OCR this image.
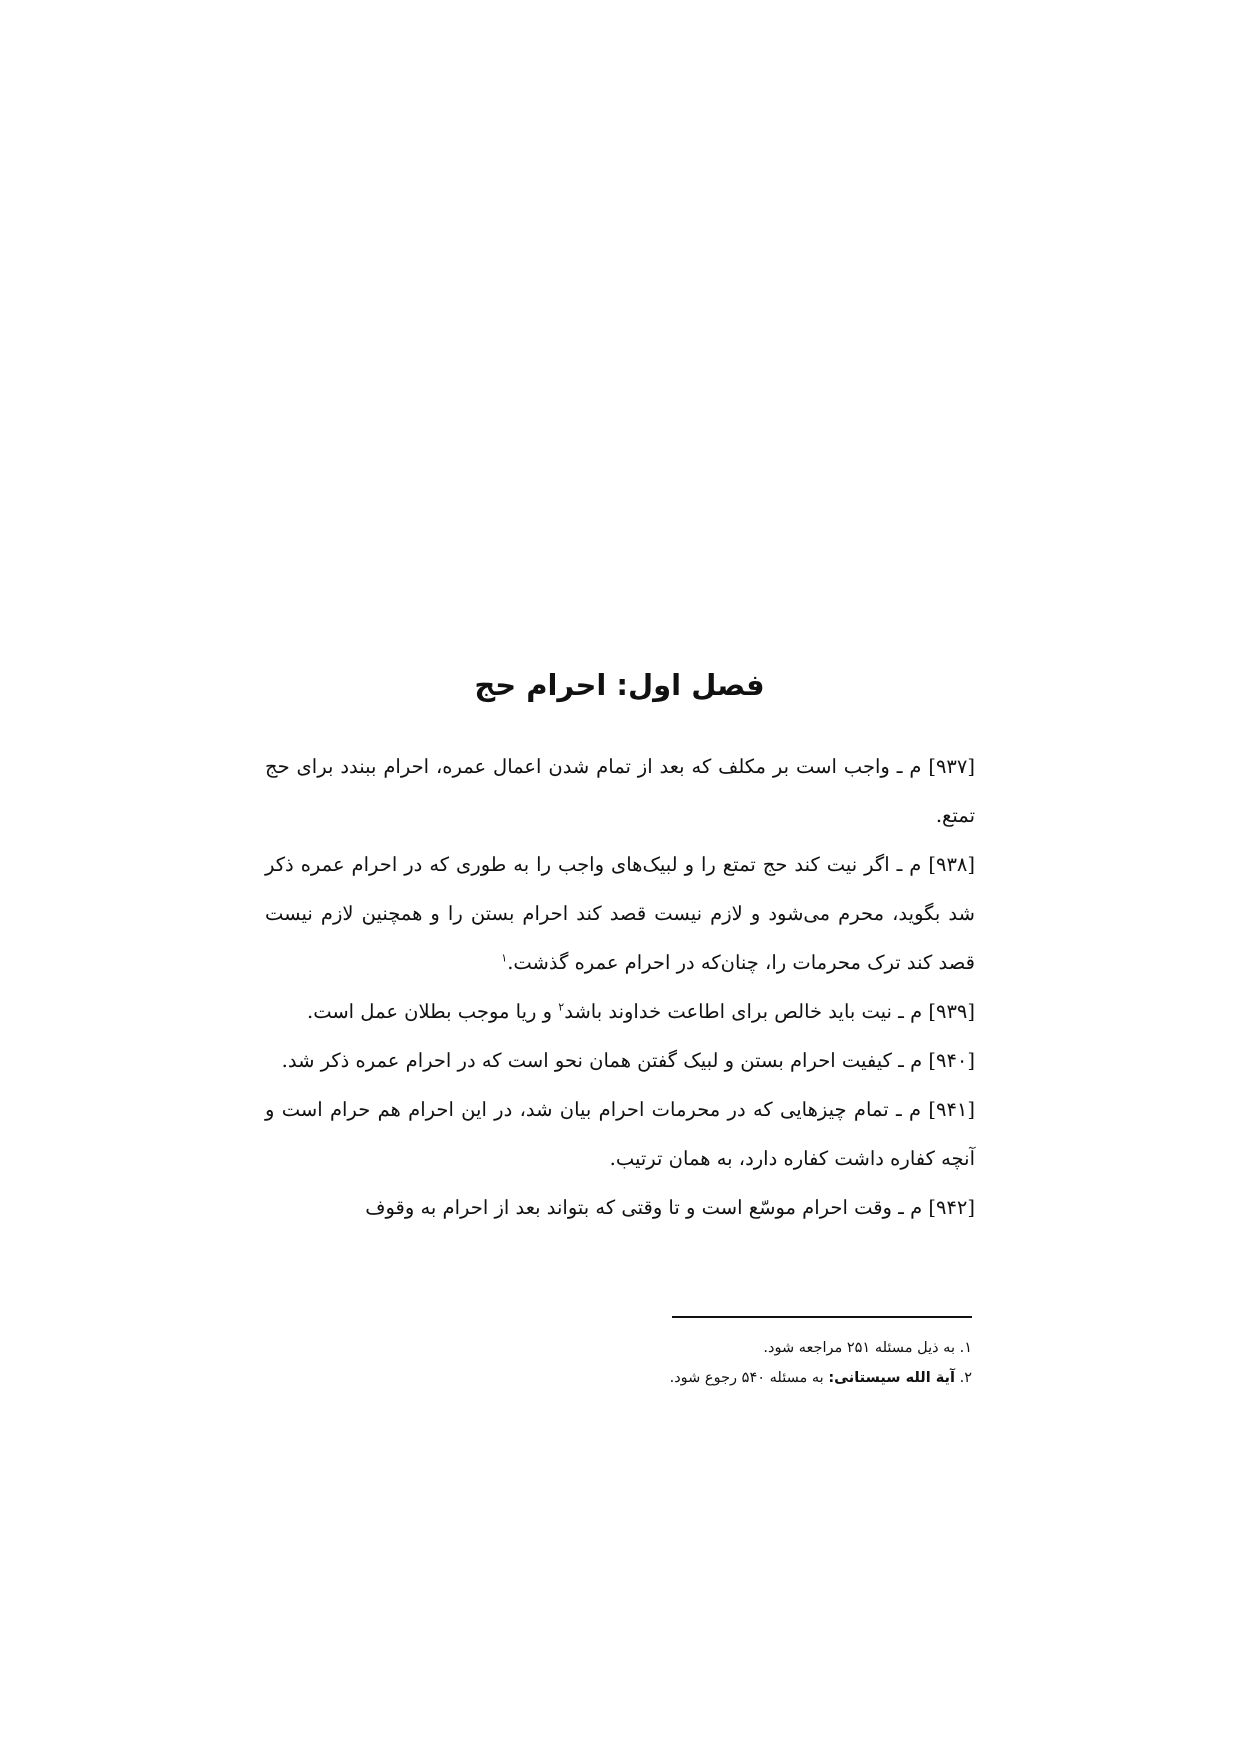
فصل اول: احرام حج

[۹۳۷] م ـ واجب است بر مکلف که بعد از تمام شدن اعمال عمره، احرام ببندد برای حج تمتع.

[۹۳۸] م ـ اگر نیت کند حج تمتع را و لبیک‌های واجب را به طوری که در احرام عمره ذکر شد بگوید، محرم می‌شود و لازم نیست قصد کند احرام بستن را و همچنین لازم نیست قصد کند ترک محرمات را، چنان‌که در احرام عمره گذشت.$^۱$

[۹۳۹] م ـ نیت باید خالص برای اطاعت خداوند باشد$^۲$ و ریا موجب بطلان عمل است.

[۹۴۰] م ـ کیفیت احرام بستن و لبیک گفتن همان نحو است که در احرام عمره ذکر شد.

[۹۴۱] م ـ تمام چیزهایی که در محرمات احرام بیان شد، در این احرام هم حرام است و آنچه کفاره داشت کفاره دارد، به همان ترتیب.

[۹۴۲] م ـ وقت احرام موسّع است و تا وقتی که بتواند بعد از احرام به وقوف

۱. به ذیل مسئله ۲۵۱ مراجعه شود.
۲. آیة الله سیستانی: به مسئله ۵۴۰ رجوع شود.
